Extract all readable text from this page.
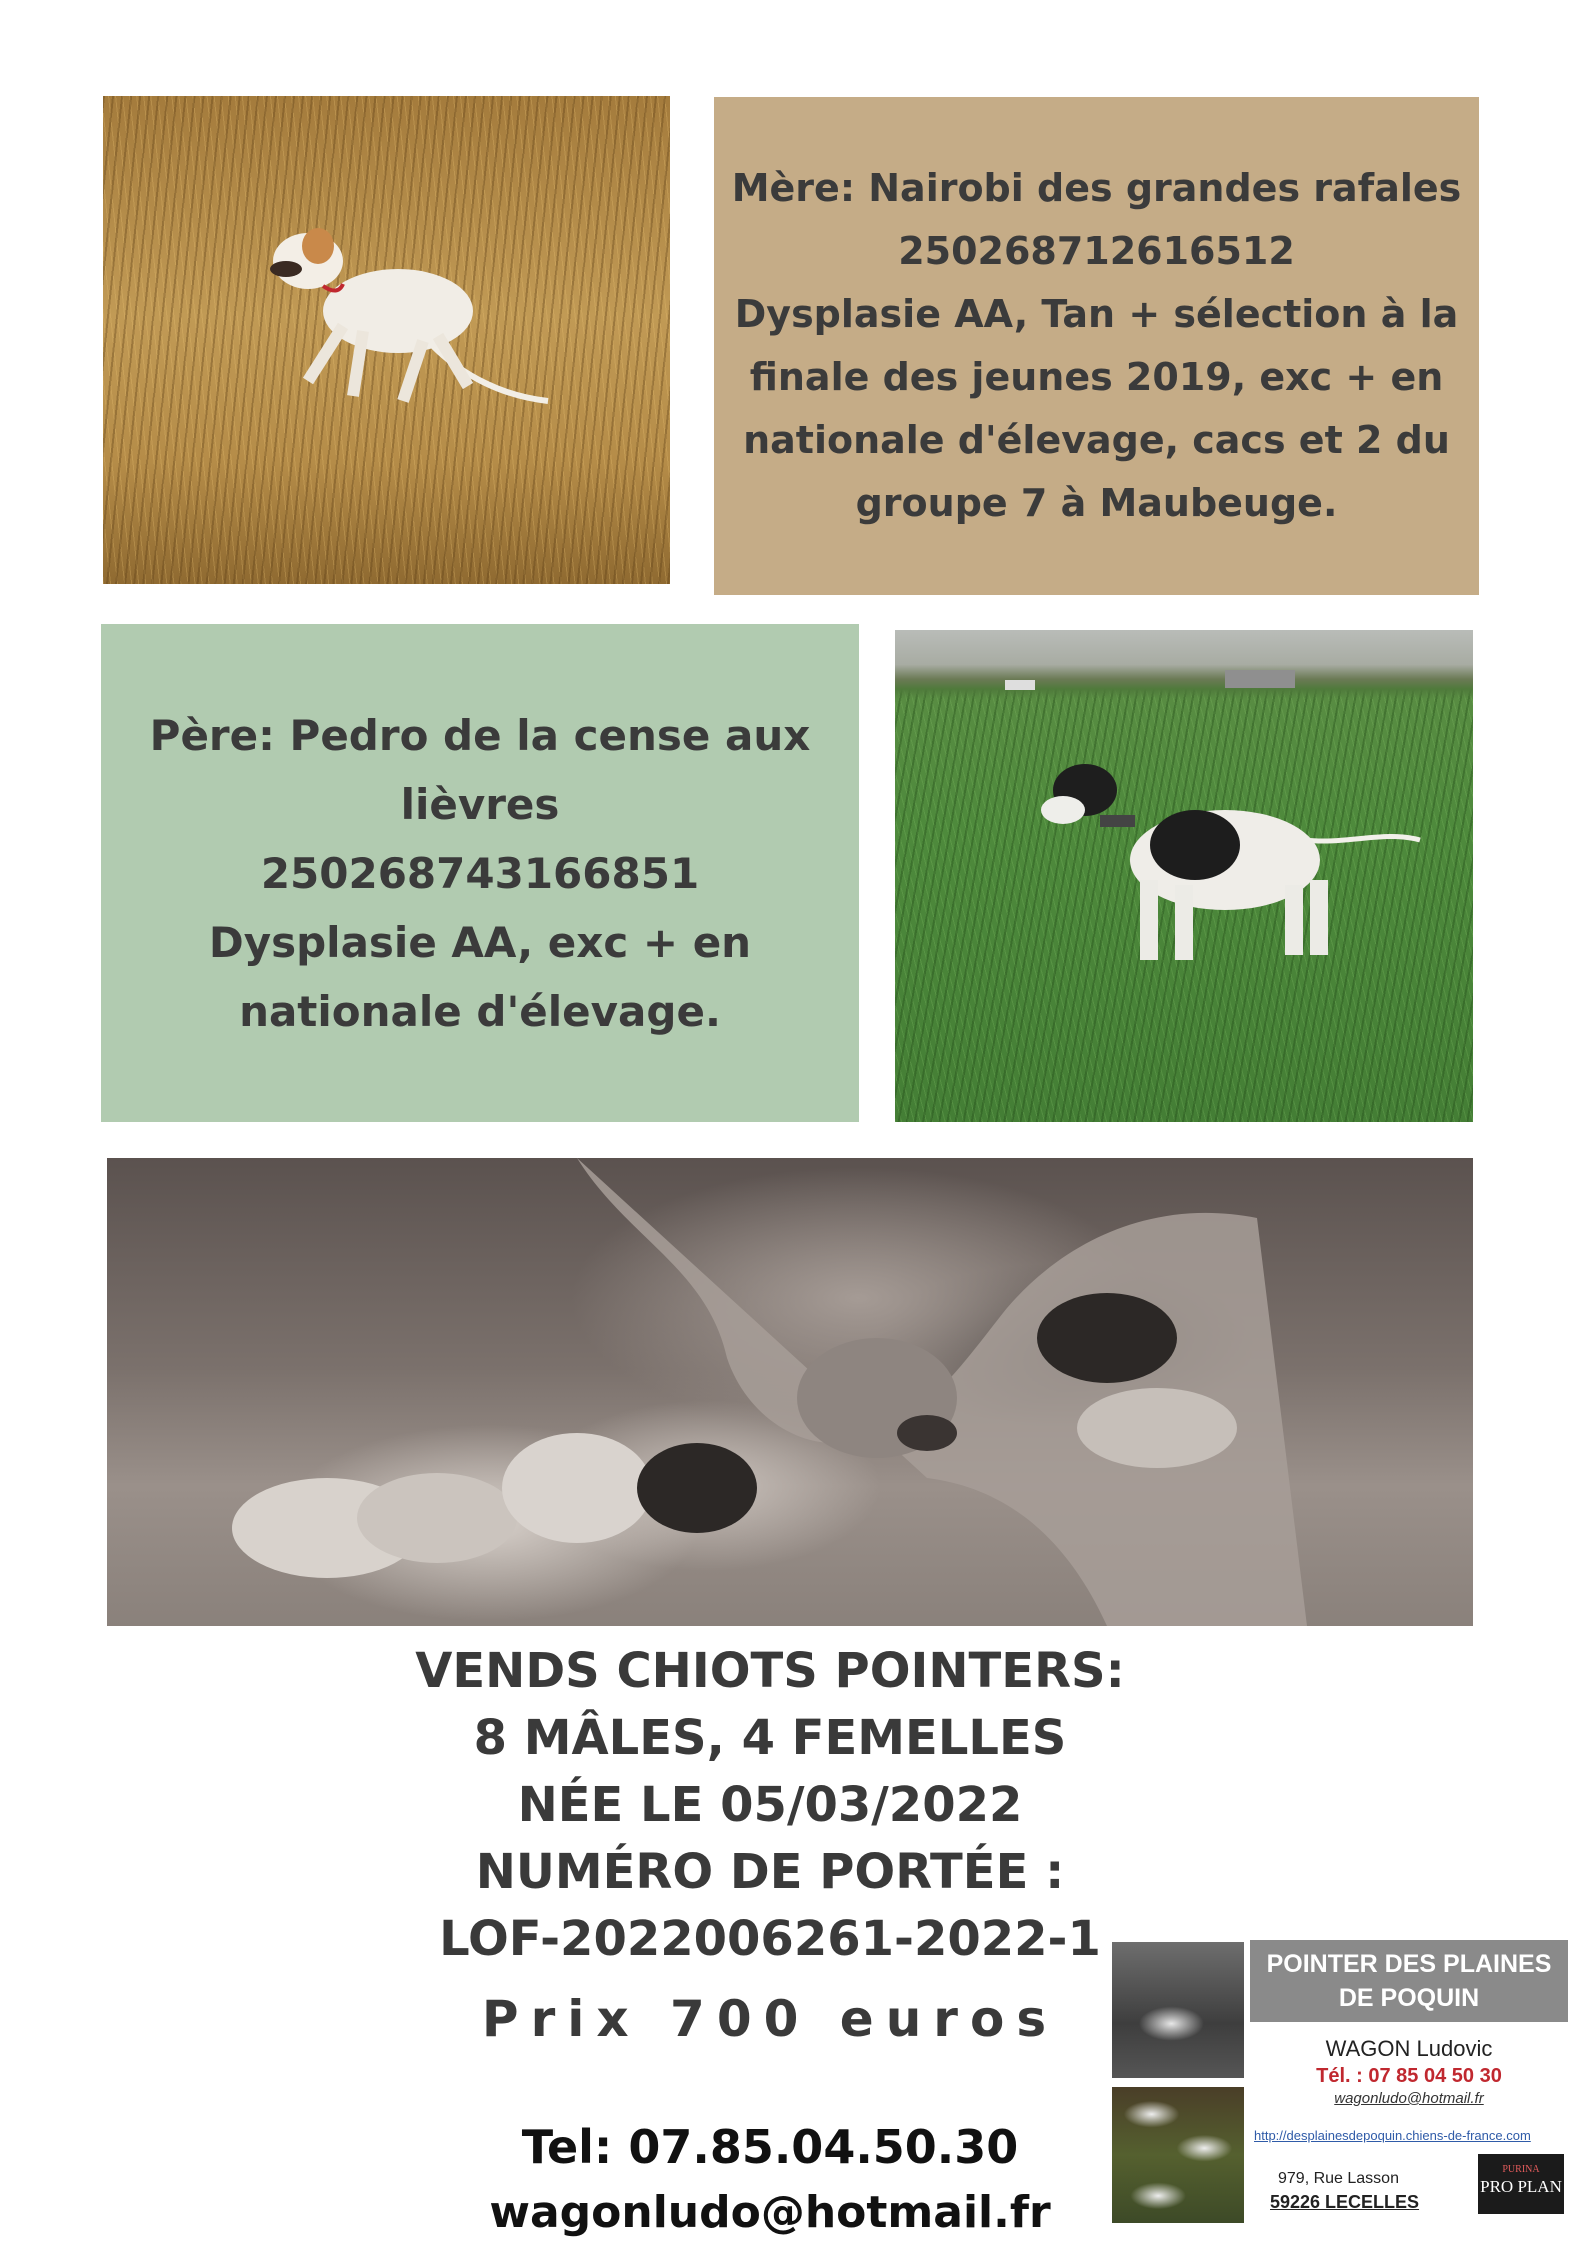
Mère: Nairobi des grandes rafales
250268712616512
Dysplasie AA, Tan + sélection à la
finale des jeunes 2019, exc + en
nationale d'élevage, cacs et 2 du
groupe 7 à Maubeuge.
Père: Pedro de la cense aux
lièvres
250268743166851
Dysplasie AA, exc + en
nationale d'élevage.
VENDS CHIOTS POINTERS:
8 MÂLES, 4 FEMELLES
NÉE LE 05/03/2022
NUMÉRO DE PORTÉE :
LOF-2022006261-2022-1
Prix 700 euros
Tel: 07.85.04.50.30
wagonludo@hotmail.fr
POINTER DES PLAINES
DE POQUIN
WAGON Ludovic
Tél. : 07 85 04 50 30
wagonludo@hotmail.fr
http://desplainesdepoquin.chiens-de-france.com
979, Rue Lasson
59226 LECELLES
PURINA
PRO PLAN
